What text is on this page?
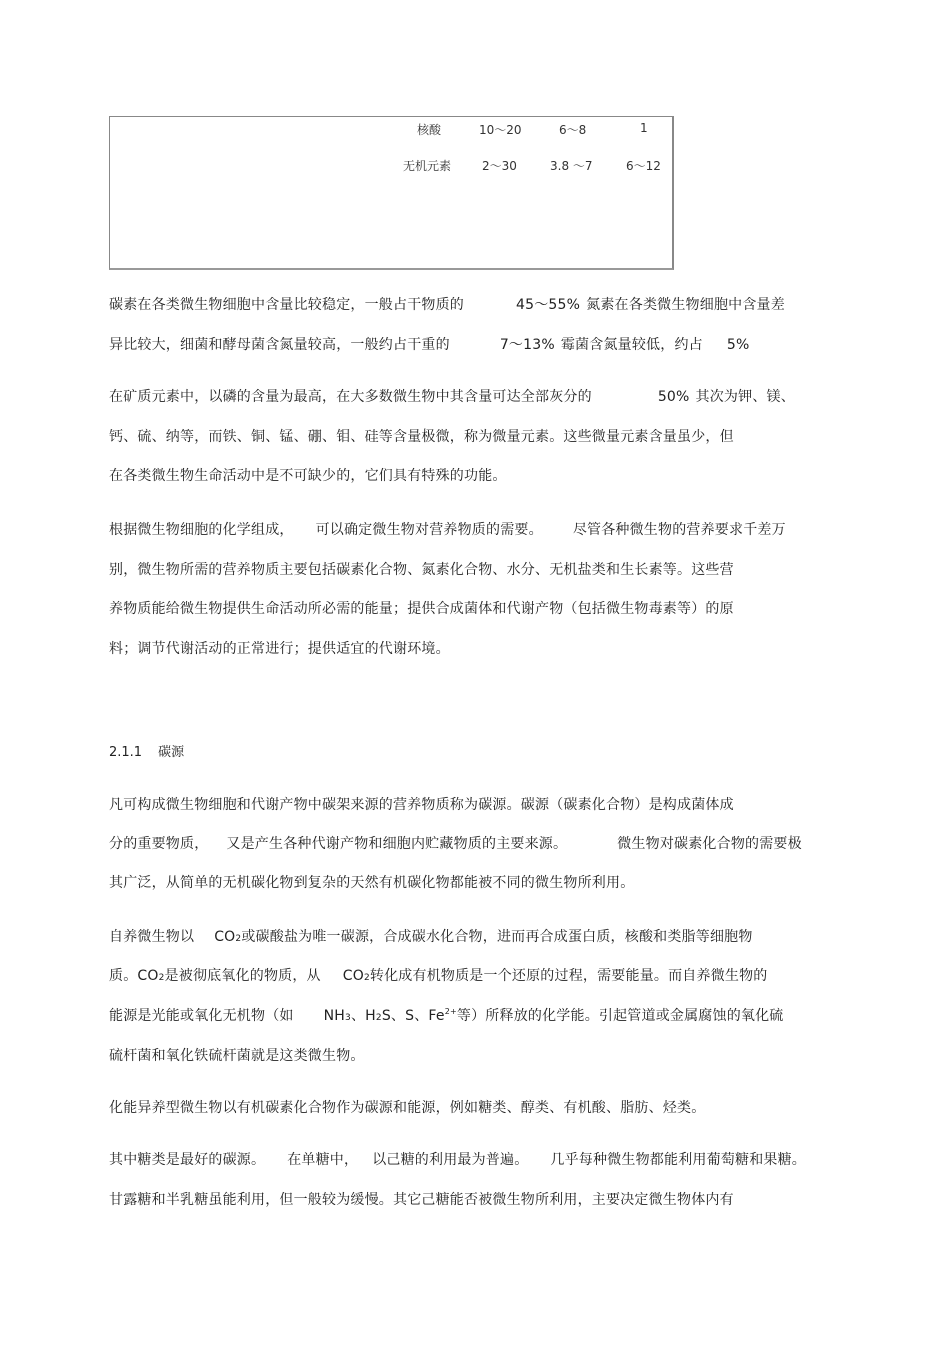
核酸	10～20	6～8	1
无机元素	2～30	3.8 ～7	6～12
碳素在各类微生物细胞中含量比较稳定，一般占干物质的	45～55% 氮素在各类微生物细胞中含量差
异比较大，细菌和酵母菌含氮量较高，一般约占干重的	7～13% 霉菌含氮量较低，约占 5%
在矿质元素中，以磷的含量为最高，在大多数微生物中其含量可达全部灰分的	50% 其次为钾、镁、
钙、硫、纳等，而铁、铜、锰、硼、钼、硅等含量极微，称为微量元素。这些微量元素含量虽少，但
在各类微生物生命活动中是不可缺少的，它们具有特殊的功能。
根据微生物细胞的化学组成， 可以确定微生物对营养物质的需要。 尽管各种微生物的营养要求千差万
别，微生物所需的营养物质主要包括碳素化合物、氮素化合物、水分、无机盐类和生长素等。这些营
养物质能给微生物提供生命活动所必需的能量；提供合成菌体和代谢产物（包括微生物毒素等）的原
料；调节代谢活动的正常进行；提供适宜的代谢环境。
2.1.1 碳源
凡可构成微生物细胞和代谢产物中碳架来源的营养物质称为碳源。碳源（碳素化合物）是构成菌体成
分的重要物质， 又是产生各种代谢产物和细胞内贮藏物质的主要来源。	微生物对碳素化合物的需要极
其广泛，从简单的无机碳化物到复杂的天然有机碳化物都能被不同的微生物所利用。
自养微生物以 CO2或碳酸盐为唯一碳源，合成碳水化合物，进而再合成蛋白质，核酸和类脂等细胞物
质。CO2是被彻底氧化的物质，从 CO2转化成有机物质是一个还原的过程，需要能量。而自养微生物的
能源是光能或氧化无机物（如 NH3、H2S、S、$Fe^{2+}$等）所释放的化学能。引起管道或金属腐蚀的氧化硫
硫杆菌和氧化铁硫杆菌就是这类微生物。
化能异养型微生物以有机碳素化合物作为碳源和能源，例如糖类、醇类、有机酸、脂肪、烃类。
其中糖类是最好的碳源。 在单糖中， 以己糖的利用最为普遍。 几乎每种微生物都能利用葡萄糖和果糖。
甘露糖和半乳糖虽能利用，但一般较为缓慢。其它己糖能否被微生物所利用，主要决定微生物体内有
